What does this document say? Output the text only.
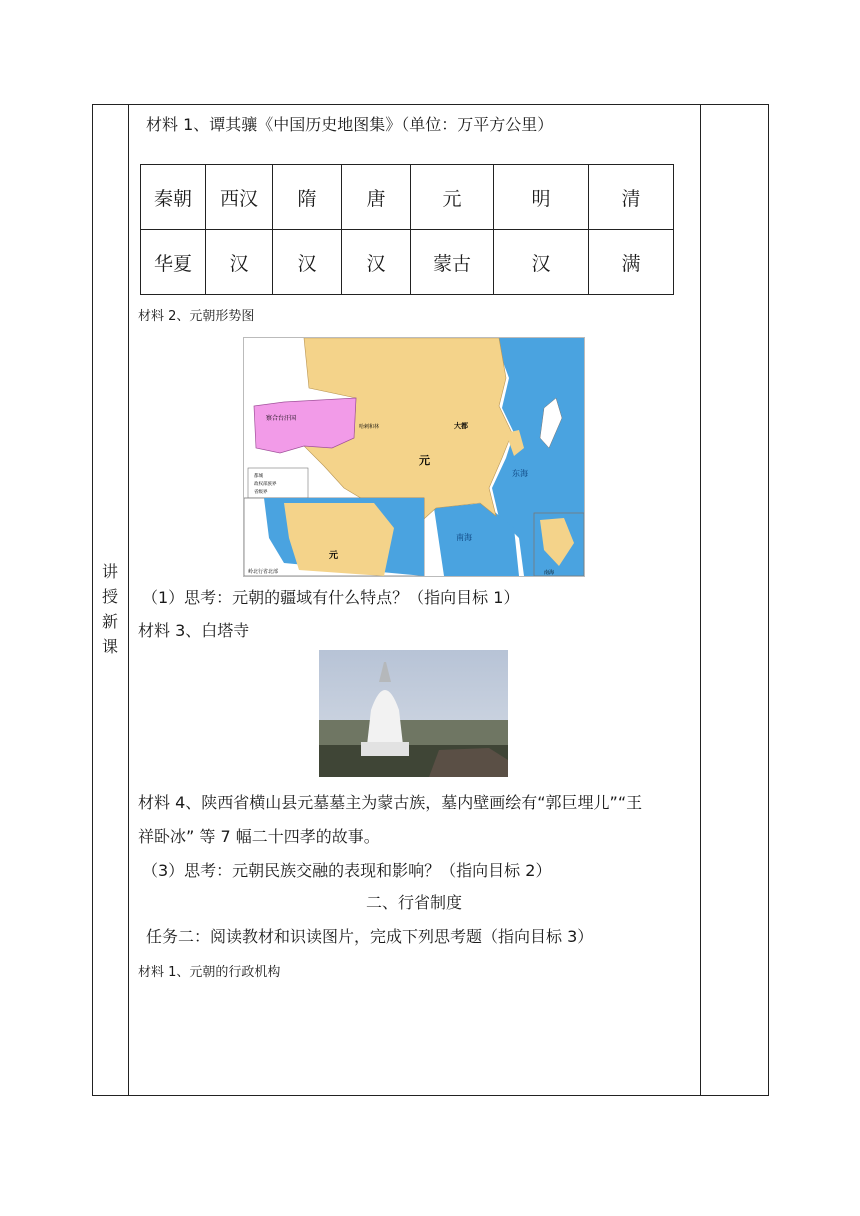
讲授新课
材料 1、谭其骧《中国历史地图集》（单位：万平方公里）
秦朝	西汉	隋	唐	元	明	清
华夏	汉	汉	汉	蒙古	汉	满
材料 2、元朝形势图
大都
元
察合台汗国
哈剌和林
东海
南海
元
岭北行省北部	南海
都城
政权部族界
省级界
（1）思考：元朝的疆域有什么特点？（指向目标 1）
材料 3、白塔寺
材料 4、陕西省横山县元墓墓主为蒙古族，墓内壁画绘有“郭巨埋儿”“王
祥卧冰” 等 7 幅二十四孝的故事。
（3）思考：元朝民族交融的表现和影响？（指向目标 2）
二、行省制度
任务二：阅读教材和识读图片，完成下列思考题（指向目标 3）
材料 1、元朝的行政机构
